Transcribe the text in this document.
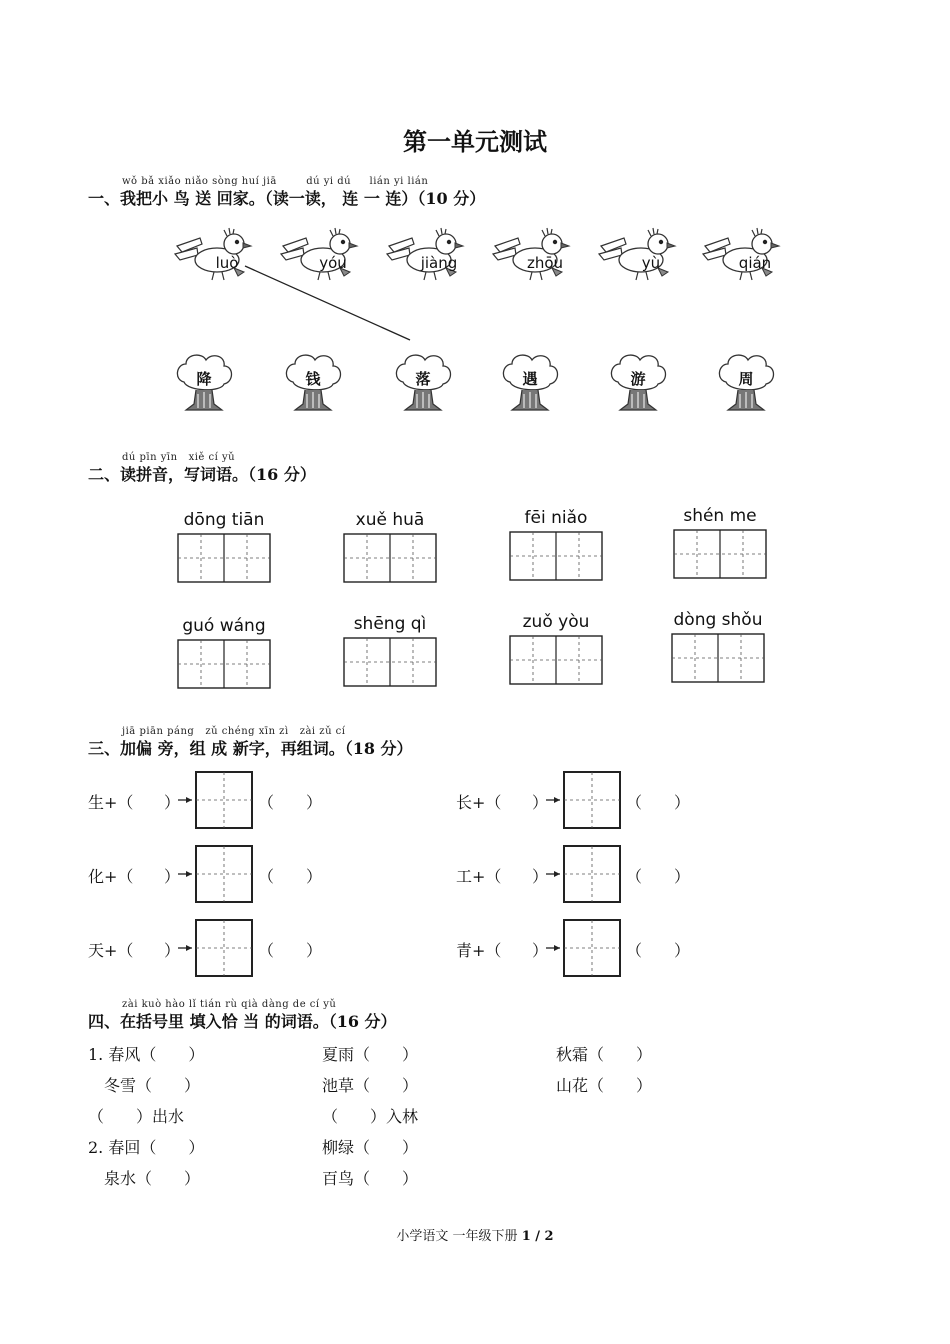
第一单元测试
wǒ bǎ xiǎo niǎo sòng huí jiā        dú yi dú     lián yi lián
一、我把小 鸟 送 回家。（读一读， 连 一 连）（10 分）
luò	yóu	jiàng	zhōu	yù	qián
降	钱	落	遇	游	周
dú pīn yīn   xiě cí yǔ
二、读拼音，写词语。（16 分）
dōng tiān	xuě huā	fēi niǎo	shén me
guó wáng	shēng qì	zuǒ yòu	dòng shǒu
jiā piān páng   zǔ chéng xīn zì   zài zǔ cí
三、加偏 旁，组 成 新字，再组词。（18 分）
生+（ ）	（　　）	长+（ ）	（　　）
化+（ ）	（　　）	工+（ ）	（　　）
天+（ ）	（　　）	青+（ ）	（　　）
zài kuò hào lǐ tián rù qià dàng de cí yǔ
四、在括号里 填入恰 当 的词语。（16 分）
1. 春风（　　）	夏雨（　　）	秋霜（　　）
　冬雪（　　）	池草（　　）	山花（　　）
（　　）出水	（　　）入林
2. 春回（　　）	柳绿（　　）
　泉水（　　）	百鸟（　　）
小学语文 一年级下册 1 / 2
